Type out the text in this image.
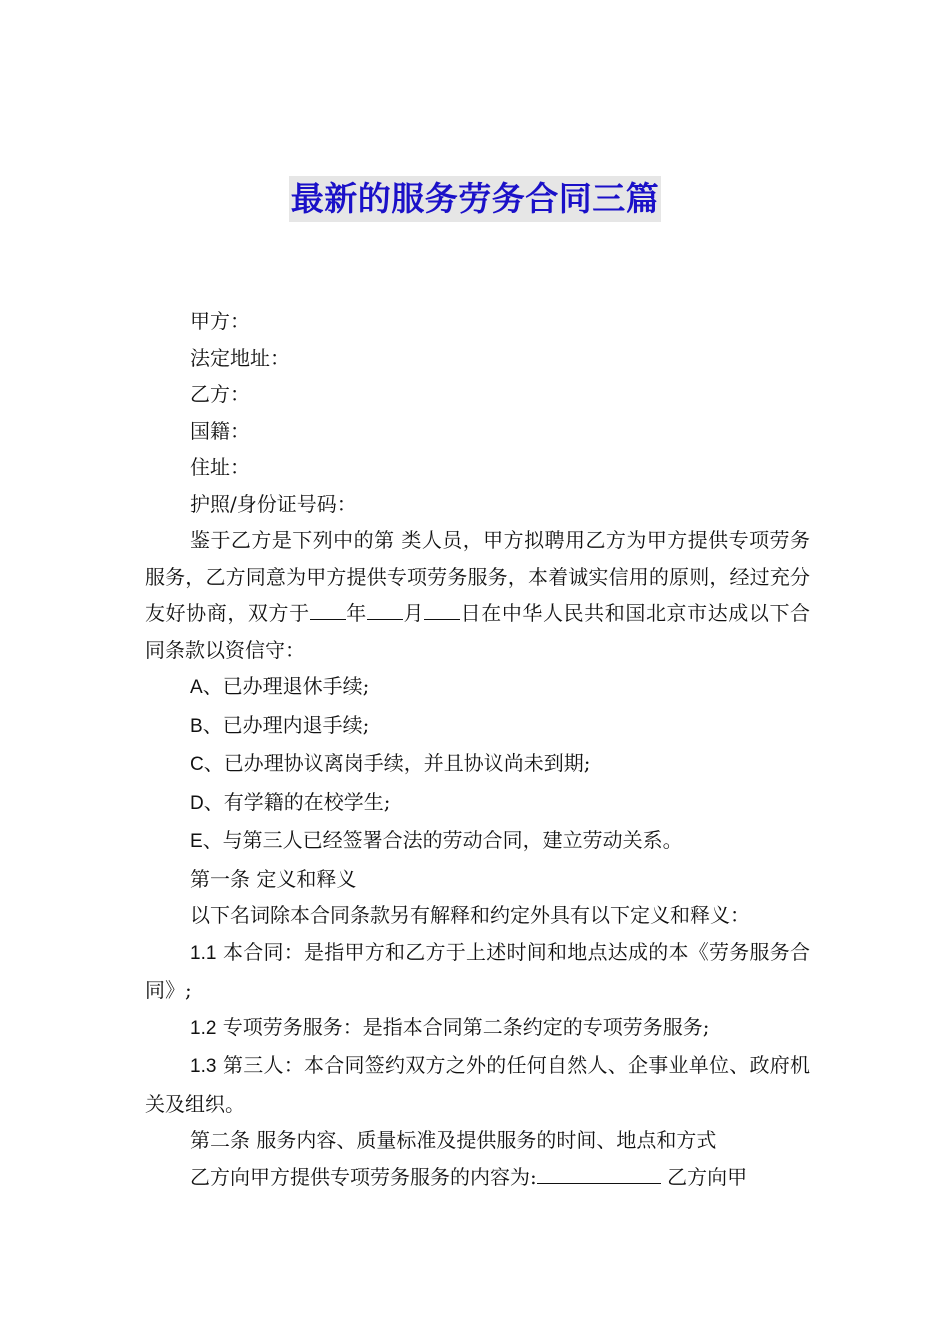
最新的服务劳务合同三篇

甲方：

法定地址：

乙方：

国籍：

住址：

护照/身份证号码：

鉴于乙方是下列中的第 类人员，甲方拟聘用乙方为甲方提供专项劳务服务，乙方同意为甲方提供专项劳务服务，本着诚实信用的原则，经过充分友好协商，双方于 年 月 日在中华人民共和国北京市达成以下合同条款以资信守：

A、已办理退休手续;

B、已办理内退手续;

C、已办理协议离岗手续，并且协议尚未到期;

D、有学籍的在校学生;

E、与第三人已经签署合法的劳动合同，建立劳动关系。

第一条 定义和释义

以下名词除本合同条款另有解释和约定外具有以下定义和释义：

1.1 本合同：是指甲方和乙方于上述时间和地点达成的本《劳务服务合同》;

1.2 专项劳务服务：是指本合同第二条约定的专项劳务服务;

1.3 第三人：本合同签约双方之外的任何自然人、企事业单位、政府机关及组织。

第二条 服务内容、质量标准及提供服务的时间、地点和方式

乙方向甲方提供专项劳务服务的内容为:	乙方向甲
